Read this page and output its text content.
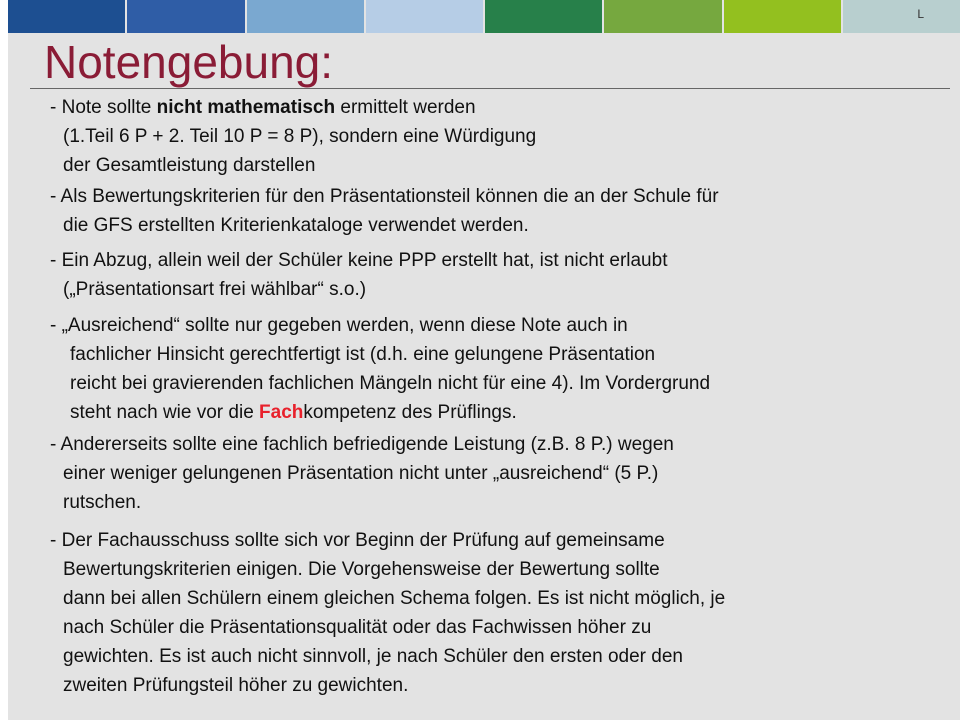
L
Notengebung:

- Note sollte nicht mathematisch ermittelt werden
(1.Teil 6 P + 2. Teil 10 P = 8 P), sondern eine Würdigung
der Gesamtleistung darstellen

- Als Bewertungskriterien für den Präsentationsteil können die an der Schule für
die GFS erstellten Kriterienkataloge verwendet werden.

- Ein Abzug, allein weil der Schüler keine PPP erstellt hat, ist nicht erlaubt
(„Präsentationsart frei wählbar“ s.o.)

- „Ausreichend“ sollte nur gegeben werden, wenn diese Note auch in
fachlicher Hinsicht gerechtfertigt ist (d.h. eine gelungene Präsentation
reicht bei gravierenden fachlichen Mängeln nicht für eine 4). Im Vordergrund
steht nach wie vor die Fachkompetenz des Prüflings.

- Andererseits sollte eine fachlich befriedigende Leistung (z.B. 8 P.) wegen
einer weniger gelungenen Präsentation nicht unter „ausreichend“ (5 P.)
rutschen.

- Der Fachausschuss sollte sich vor Beginn der Prüfung auf gemeinsame
Bewertungskriterien einigen. Die Vorgehensweise der Bewertung sollte
dann bei allen Schülern einem gleichen Schema folgen. Es ist nicht möglich, je
nach Schüler die Präsentationsqualität oder das Fachwissen höher zu
gewichten. Es ist auch nicht sinnvoll, je nach Schüler den ersten oder den
zweiten Prüfungsteil höher zu gewichten.
